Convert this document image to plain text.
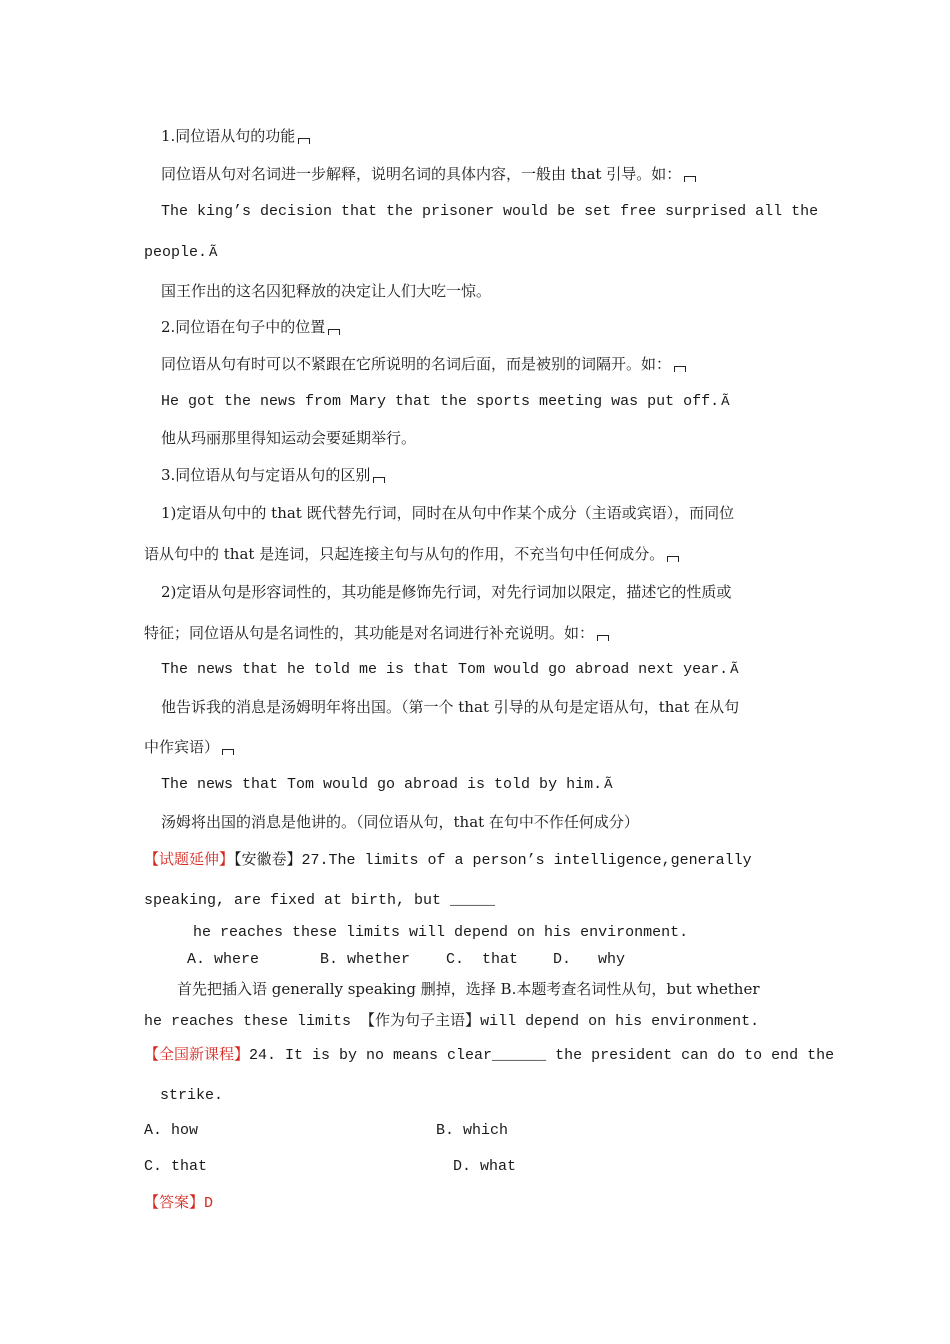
1.同位语从句的功能
同位语从句对名词进一步解释，说明名词的具体内容，一般由 that 引导。如：
The king’s decision that the prisoner would be set free surprised all the
people. Ã
国王作出的这名囚犯释放的决定让人们大吃一惊。
2.同位语在句子中的位置
同位语从句有时可以不紧跟在它所说明的名词后面，而是被别的词隔开。如：
He got the news from Mary that the sports meeting was put off. Ã
他从玛丽那里得知运动会要延期举行。
3.同位语从句与定语从句的区别
1)定语从句中的 that 既代替先行词，同时在从句中作某个成分（主语或宾语），而同位
语从句中的 that 是连词，只起连接主句与从句的作用，不充当句中任何成分。
2)定语从句是形容词性的，其功能是修饰先行词，对先行词加以限定，描述它的性质或
特征；同位语从句是名词性的，其功能是对名词进行补充说明。如：
The news that he told me is that Tom would go abroad next year. Ã
他告诉我的消息是汤姆明年将出国。（第一个 that 引导的从句是定语从句，that 在从句
中作宾语）
The news that Tom would go abroad is told by him. Ã
汤姆将出国的消息是他讲的。（同位语从句，that 在句中不作任何成分）
【试题延伸】【安徽卷】27.The limits of a person’s intelligence,generally
speaking, are fixed at birth, but _____
he reaches these limits will depend on his environment.
A. where	B. whether C.  that D.   why
首先把插入语 generally speaking 删掉，选择 B.本题考查名词性从句，but whether
he reaches these limits 【作为句子主语】will depend on his environment.
【全国新课程】24. It is by no means clear______ the president can do to end the
strike.
A. how	B. which
C. that	D. what
【答案】D
